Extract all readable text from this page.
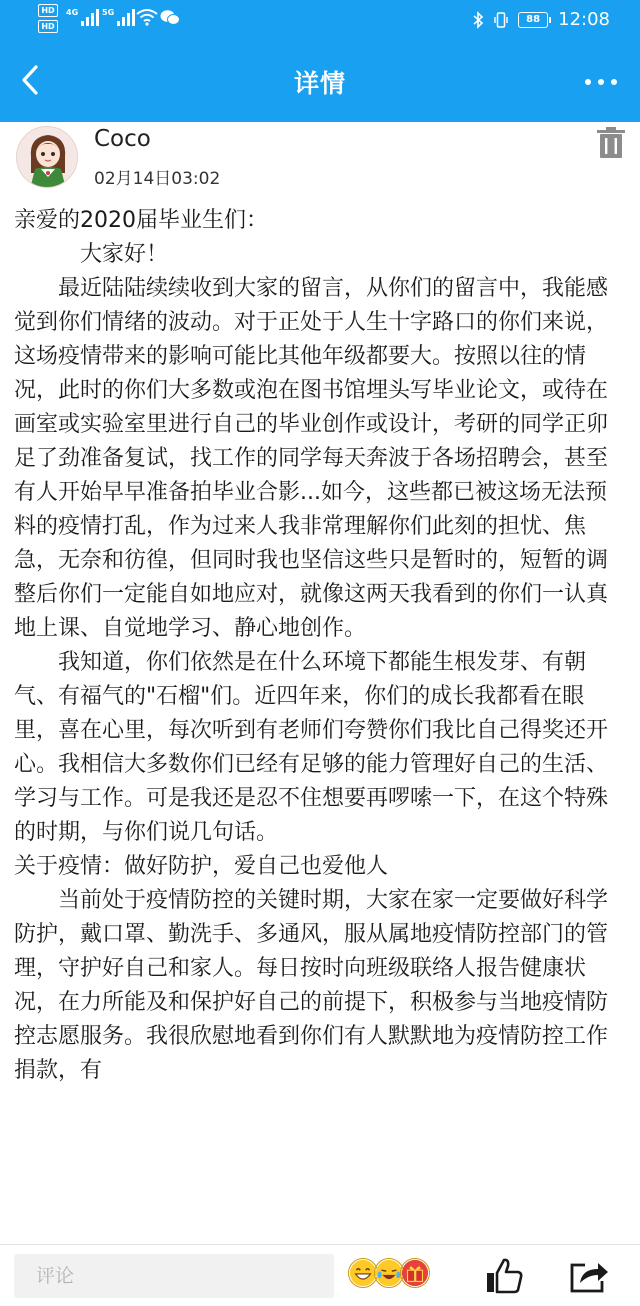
HD
HD
4G	5G
88	12:08
详情
Coco
02月14日03:02

亲爱的2020届毕业生们：

大家好！

最近陆陆续续收到大家的留言，从你们的留言中，我能感觉到你们情绪的波动。对于正处于人生十字路口的你们来说，这场疫情带来的影响可能比其他年级都要大。按照以往的情况，此时的你们大多数或泡在图书馆埋头写毕业论文，或待在画室或实验室里进行自己的毕业创作或设计，考研的同学正卯足了劲准备复试，找工作的同学每天奔波于各场招聘会，甚至有人开始早早准备拍毕业合影...如今，这些都已被这场无法预料的疫情打乱，作为过来人我非常理解你们此刻的担忧、焦急，无奈和彷徨，但同时我也坚信这些只是暂时的，短暂的调整后你们一定能自如地应对，就像这两天我看到的你们一认真地上课、自觉地学习、静心地创作。

我知道，你们依然是在什么环境下都能生根发芽、有朝气、有福气的"石榴"们。近四年来，你们的成长我都看在眼里，喜在心里，每次听到有老师们夸赞你们我比自己得奖还开心。我相信大多数你们已经有足够的能力管理好自己的生活、学习与工作。可是我还是忍不住想要再啰嗦一下，在这个特殊的时期，与你们说几句话。

关于疫情：做好防护，爱自己也爱他人

当前处于疫情防控的关键时期，大家在家一定要做好科学防护，戴口罩、勤洗手、多通风，服从属地疫情防控部门的管理，守护好自己和家人。每日按时向班级联络人报告健康状况，在力所能及和保护好自己的前提下，积极参与当地疫情防控志愿服务。我很欣慰地看到你们有人默默地为疫情防控工作捐款，有

评论
